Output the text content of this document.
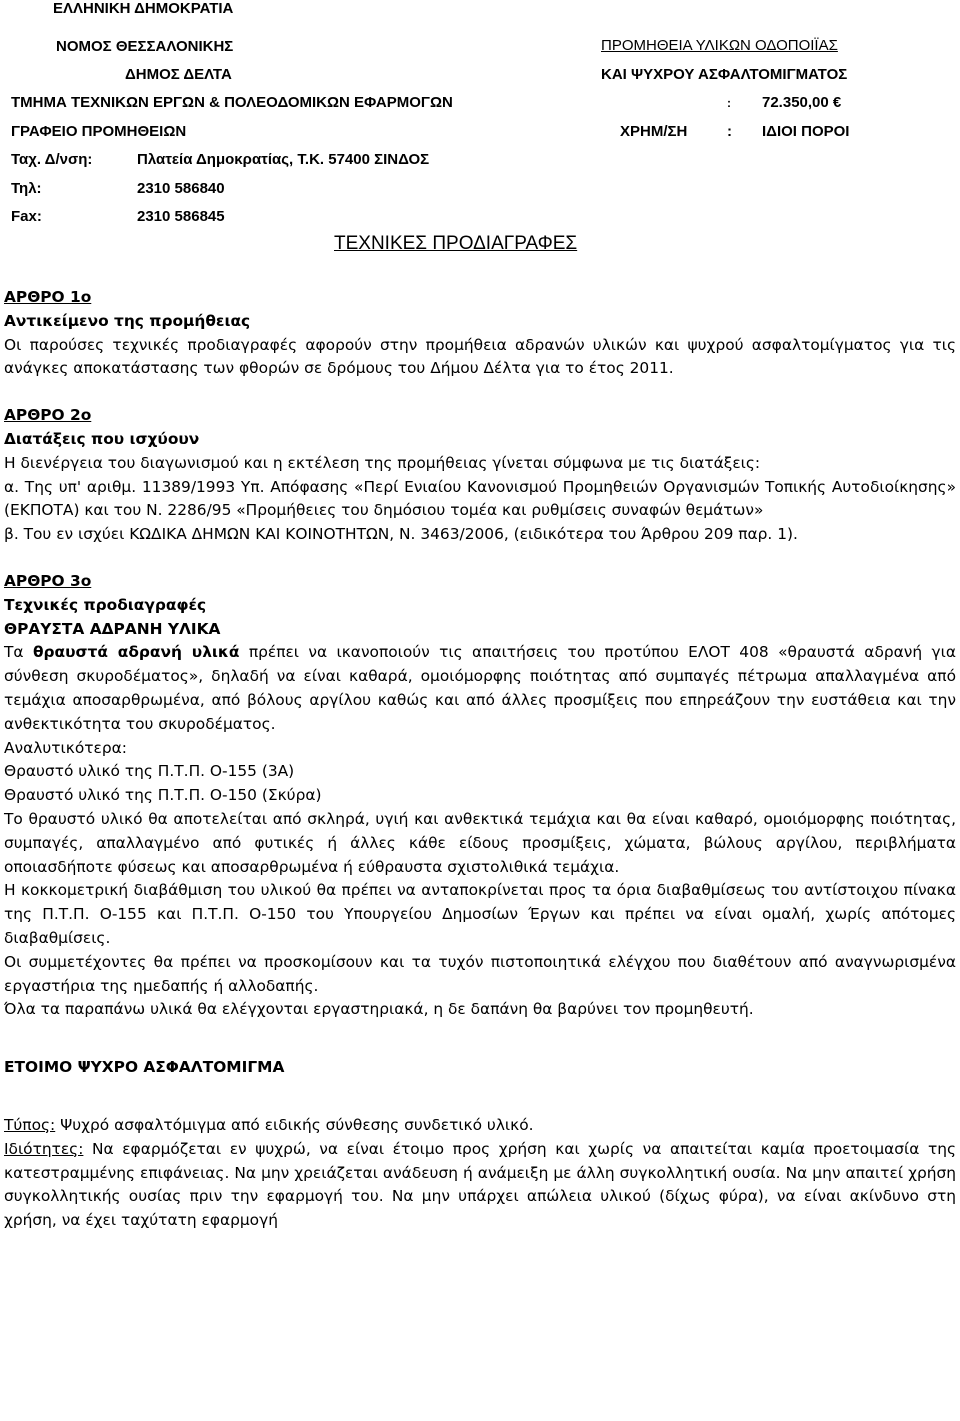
ΕΛΛΗΝΙΚΗ ΔΗΜΟΚΡΑΤΙΑ
ΝΟΜΟΣ ΘΕΣΣΑΛΟΝΙΚΗΣ
ΔΗΜΟΣ ΔΕΛΤΑ
ΤΜΗΜΑ ΤΕΧΝΙΚΩΝ ΕΡΓΩΝ & ΠΟΛΕΟΔΟΜΙΚΩΝ ΕΦΑΡΜΟΓΩΝ
ΓΡΑΦΕΙΟ ΠΡΟΜΗΘΕΙΩΝ
Ταχ. Δ/νση:	Πλατεία Δημοκρατίας, Τ.Κ. 57400 ΣΙΝΔΟΣ
Τηλ:	2310 586840
Fax:	2310 586845
ΠΡΟΜΗΘΕΙΑ ΥΛΙΚΩΝ ΟΔΟΠΟΙΪΑΣ
ΚΑΙ ΨΥΧΡΟΥ ΑΣΦΑΛΤΟΜΙΓΜΑΤΟΣ
: 72.350,00 €
ΧΡΗΜ/ΣΗ	: ΙΔΙΟΙ ΠΟΡΟΙ
ΤΕΧΝΙΚΕΣ ΠΡΟΔΙΑΓΡΑΦΕΣ

ΑΡΘΡΟ 1ο

Αντικείμενο της προμήθειας

Οι παρούσες τεχνικές προδιαγραφές αφορούν στην προμήθεια αδρανών υλικών και ψυχρού ασφαλτομίγματος για τις ανάγκες αποκατάστασης των φθορών σε δρόμους του Δήμου Δέλτα για το έτος 2011.

ΑΡΘΡΟ 2ο

Διατάξεις που ισχύουν

Η διενέργεια του διαγωνισμού και η εκτέλεση της προμήθειας γίνεται σύμφωνα με τις διατάξεις:

α. Της υπ' αριθμ. 11389/1993 Υπ. Απόφασης «Περί Ενιαίου Κανονισμού Προμηθειών Οργανισμών Τοπικής Αυτοδιοίκησης» (ΕΚΠΟΤΑ) και του Ν. 2286/95 «Προμήθειες του δημόσιου τομέα και ρυθμίσεις συναφών θεμάτων»

β. Του εν ισχύει ΚΩΔΙΚΑ ΔΗΜΩΝ ΚΑΙ ΚΟΙΝΟΤΗΤΩΝ, Ν. 3463/2006, (ειδικότερα του Άρθρου 209 παρ. 1).

ΑΡΘΡΟ 3ο

Τεχνικές προδιαγραφές

ΘΡΑΥΣΤΑ ΑΔΡΑΝΗ ΥΛΙΚΑ

Τα θραυστά αδρανή υλικά πρέπει να ικανοποιούν τις απαιτήσεις του προτύπου ΕΛΟΤ 408 «θραυστά αδρανή για σύνθεση σκυροδέματος», δηλαδή να είναι καθαρά, ομοιόμορφης ποιότητας από συμπαγές πέτρωμα απαλλαγμένα από τεμάχια αποσαρθρωμένα, από βόλους αργίλου καθώς και από άλλες προσμίξεις που επηρεάζουν την ευστάθεια και την ανθεκτικότητα του σκυροδέματος.

Αναλυτικότερα:

Θραυστό υλικό της Π.Τ.Π. Ο-155 (3Α)

Θραυστό υλικό της Π.Τ.Π. Ο-150 (Σκύρα)

Το θραυστό υλικό θα αποτελείται από σκληρά, υγιή και ανθεκτικά τεμάχια και θα είναι καθαρό, ομοιόμορφης ποιότητας, συμπαγές, απαλλαγμένο από φυτικές ή άλλες κάθε είδους προσμίξεις, χώματα, βώλους αργίλου, περιβλήματα οποιασδήποτε φύσεως και αποσαρθρωμένα ή εύθραυστα σχιστολιθικά τεμάχια.

Η κοκκομετρική διαβάθμιση του υλικού θα πρέπει να ανταποκρίνεται προς τα όρια διαβαθμίσεως του αντίστοιχου πίνακα της Π.Τ.Π. Ο-155 και Π.Τ.Π. Ο-150 του Υπουργείου Δημοσίων Έργων και πρέπει να είναι ομαλή, χωρίς απότομες διαβαθμίσεις.

Οι συμμετέχοντες θα πρέπει να προσκομίσουν και τα τυχόν πιστοποιητικά ελέγχου που διαθέτουν από αναγνωρισμένα εργαστήρια της ημεδαπής ή αλλοδαπής.

Όλα τα παραπάνω υλικά θα ελέγχονται εργαστηριακά, η δε δαπάνη θα βαρύνει τον προμηθευτή.

ΕΤΟΙΜΟ ΨΥΧΡΟ ΑΣΦΑΛΤΟΜΙΓΜΑ

Τύπος: Ψυχρό ασφαλτόμιγμα από ειδικής σύνθεσης συνδετικό υλικό.

Ιδιότητες: Να εφαρμόζεται εν ψυχρώ, να είναι έτοιμο προς χρήση και χωρίς να απαιτείται καμία προετοιμασία της κατεστραμμένης επιφάνειας. Να μην χρειάζεται ανάδευση ή ανάμειξη με άλλη συγκολλητική ουσία. Να μην απαιτεί χρήση συγκολλητικής ουσίας πριν την εφαρμογή του. Να μην υπάρχει απώλεια υλικού (δίχως φύρα), να είναι ακίνδυνο στη χρήση, να έχει ταχύτατη εφαρμογή
